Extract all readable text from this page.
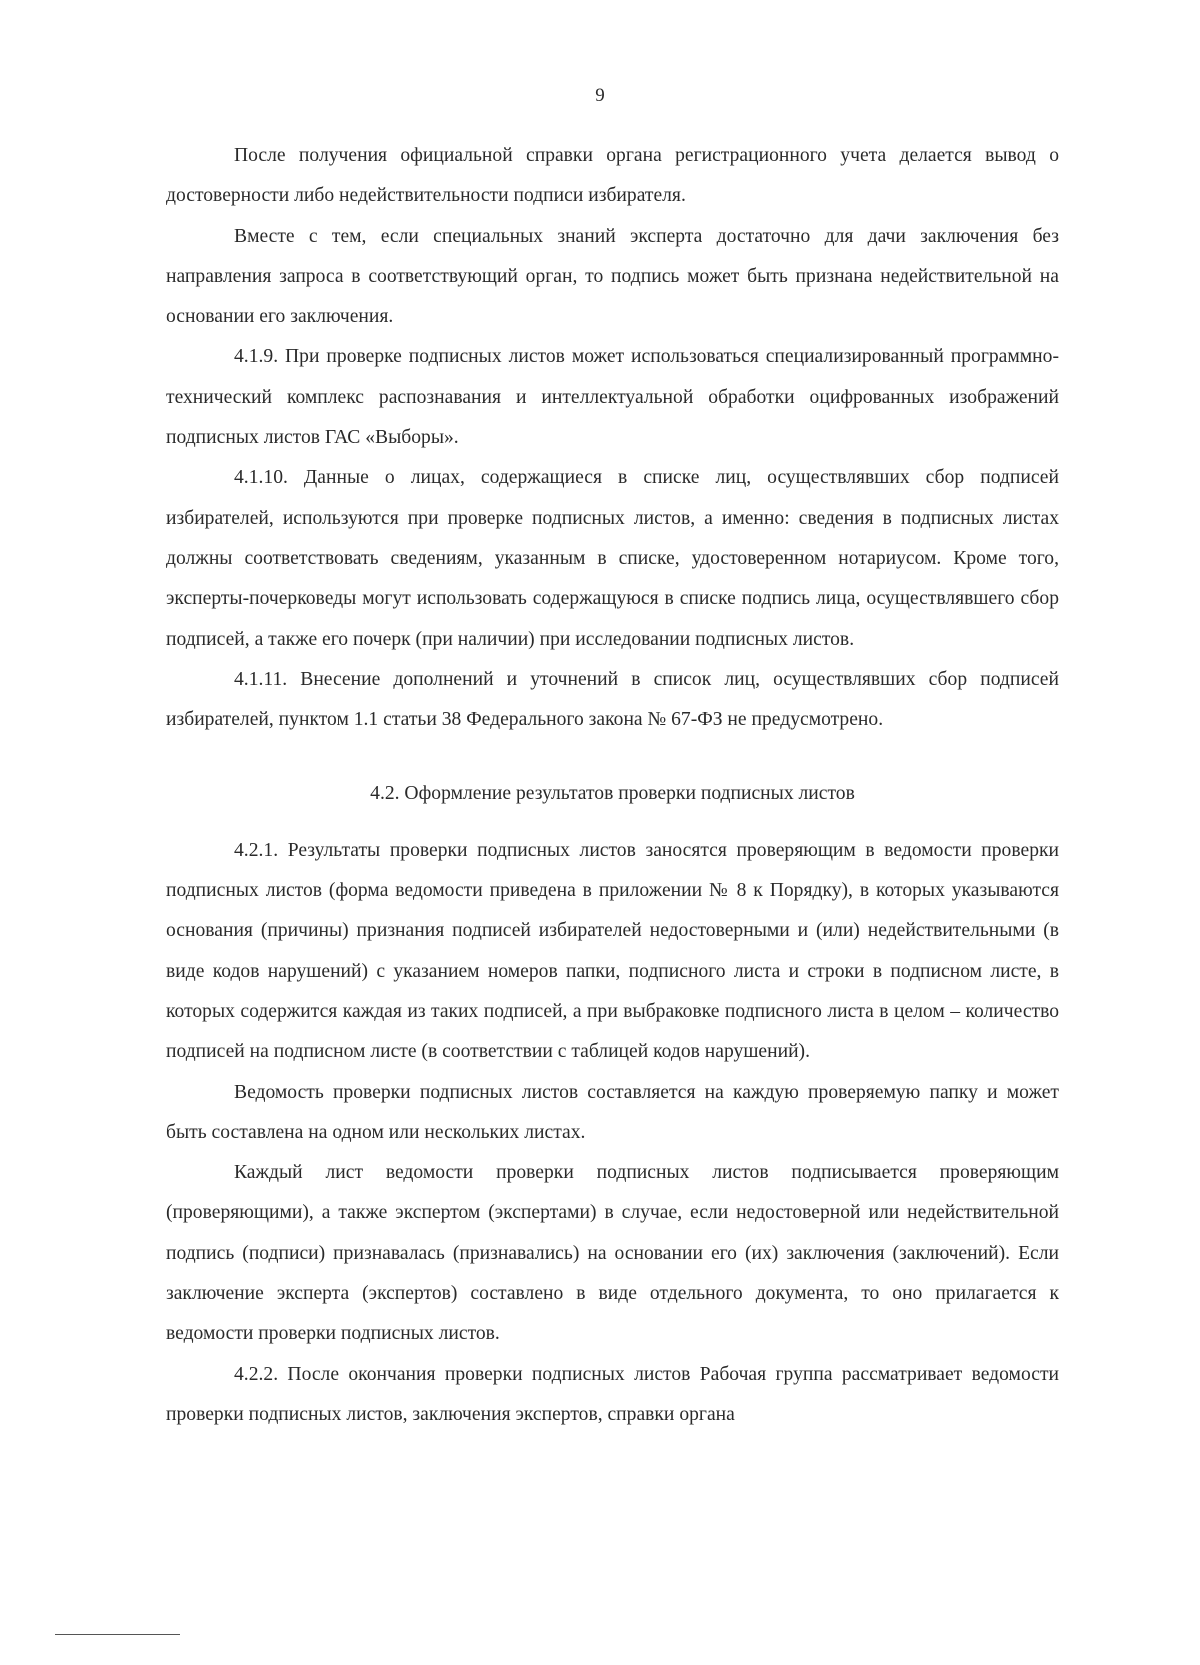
9

После получения официальной справки органа регистрационного учета делается вывод о достоверности либо недействительности подписи избирателя.

Вместе с тем, если специальных знаний эксперта достаточно для дачи заключения без направления запроса в соответствующий орган, то подпись может быть признана недействительной на основании его заключения.

4.1.9. При проверке подписных листов может использоваться специализированный программно-технический комплекс распознавания и интеллектуальной обработки оцифрованных изображений подписных листов ГАС «Выборы».

4.1.10. Данные о лицах, содержащиеся в списке лиц, осуществлявших сбор подписей избирателей, используются при проверке подписных листов, а именно: сведения в подписных листах должны соответствовать сведениям, указанным в списке, удостоверенном нотариусом. Кроме того, эксперты-почерковеды могут использовать содержащуюся в списке подпись лица, осуществлявшего сбор подписей, а также его почерк (при наличии) при исследовании подписных листов.

4.1.11. Внесение дополнений и уточнений в список лиц, осуществлявших сбор подписей избирателей, пунктом 1.1 статьи 38 Федерального закона № 67-ФЗ не предусмотрено.

4.2. Оформление результатов проверки подписных листов

4.2.1. Результаты проверки подписных листов заносятся проверяющим в ведомости проверки подписных листов (форма ведомости приведена в приложении № 8 к Порядку), в которых указываются основания (причины) признания подписей избирателей недостоверными и (или) недействительными (в виде кодов нарушений) с указанием номеров папки, подписного листа и строки в подписном листе, в которых содержится каждая из таких подписей, а при выбраковке подписного листа в целом – количество подписей на подписном листе (в соответствии с таблицей кодов нарушений).

Ведомость проверки подписных листов составляется на каждую проверяемую папку и может быть составлена на одном или нескольких листах.

Каждый лист ведомости проверки подписных листов подписывается проверяющим (проверяющими), а также экспертом (экспертами) в случае, если недостоверной или недействительной подпись (подписи) признавалась (признавались) на основании его (их) заключения (заключений). Если заключение эксперта (экспертов) составлено в виде отдельного документа, то оно прилагается к ведомости проверки подписных листов.

4.2.2. После окончания проверки подписных листов Рабочая группа рассматривает ведомости проверки подписных листов, заключения экспертов, справки органа
